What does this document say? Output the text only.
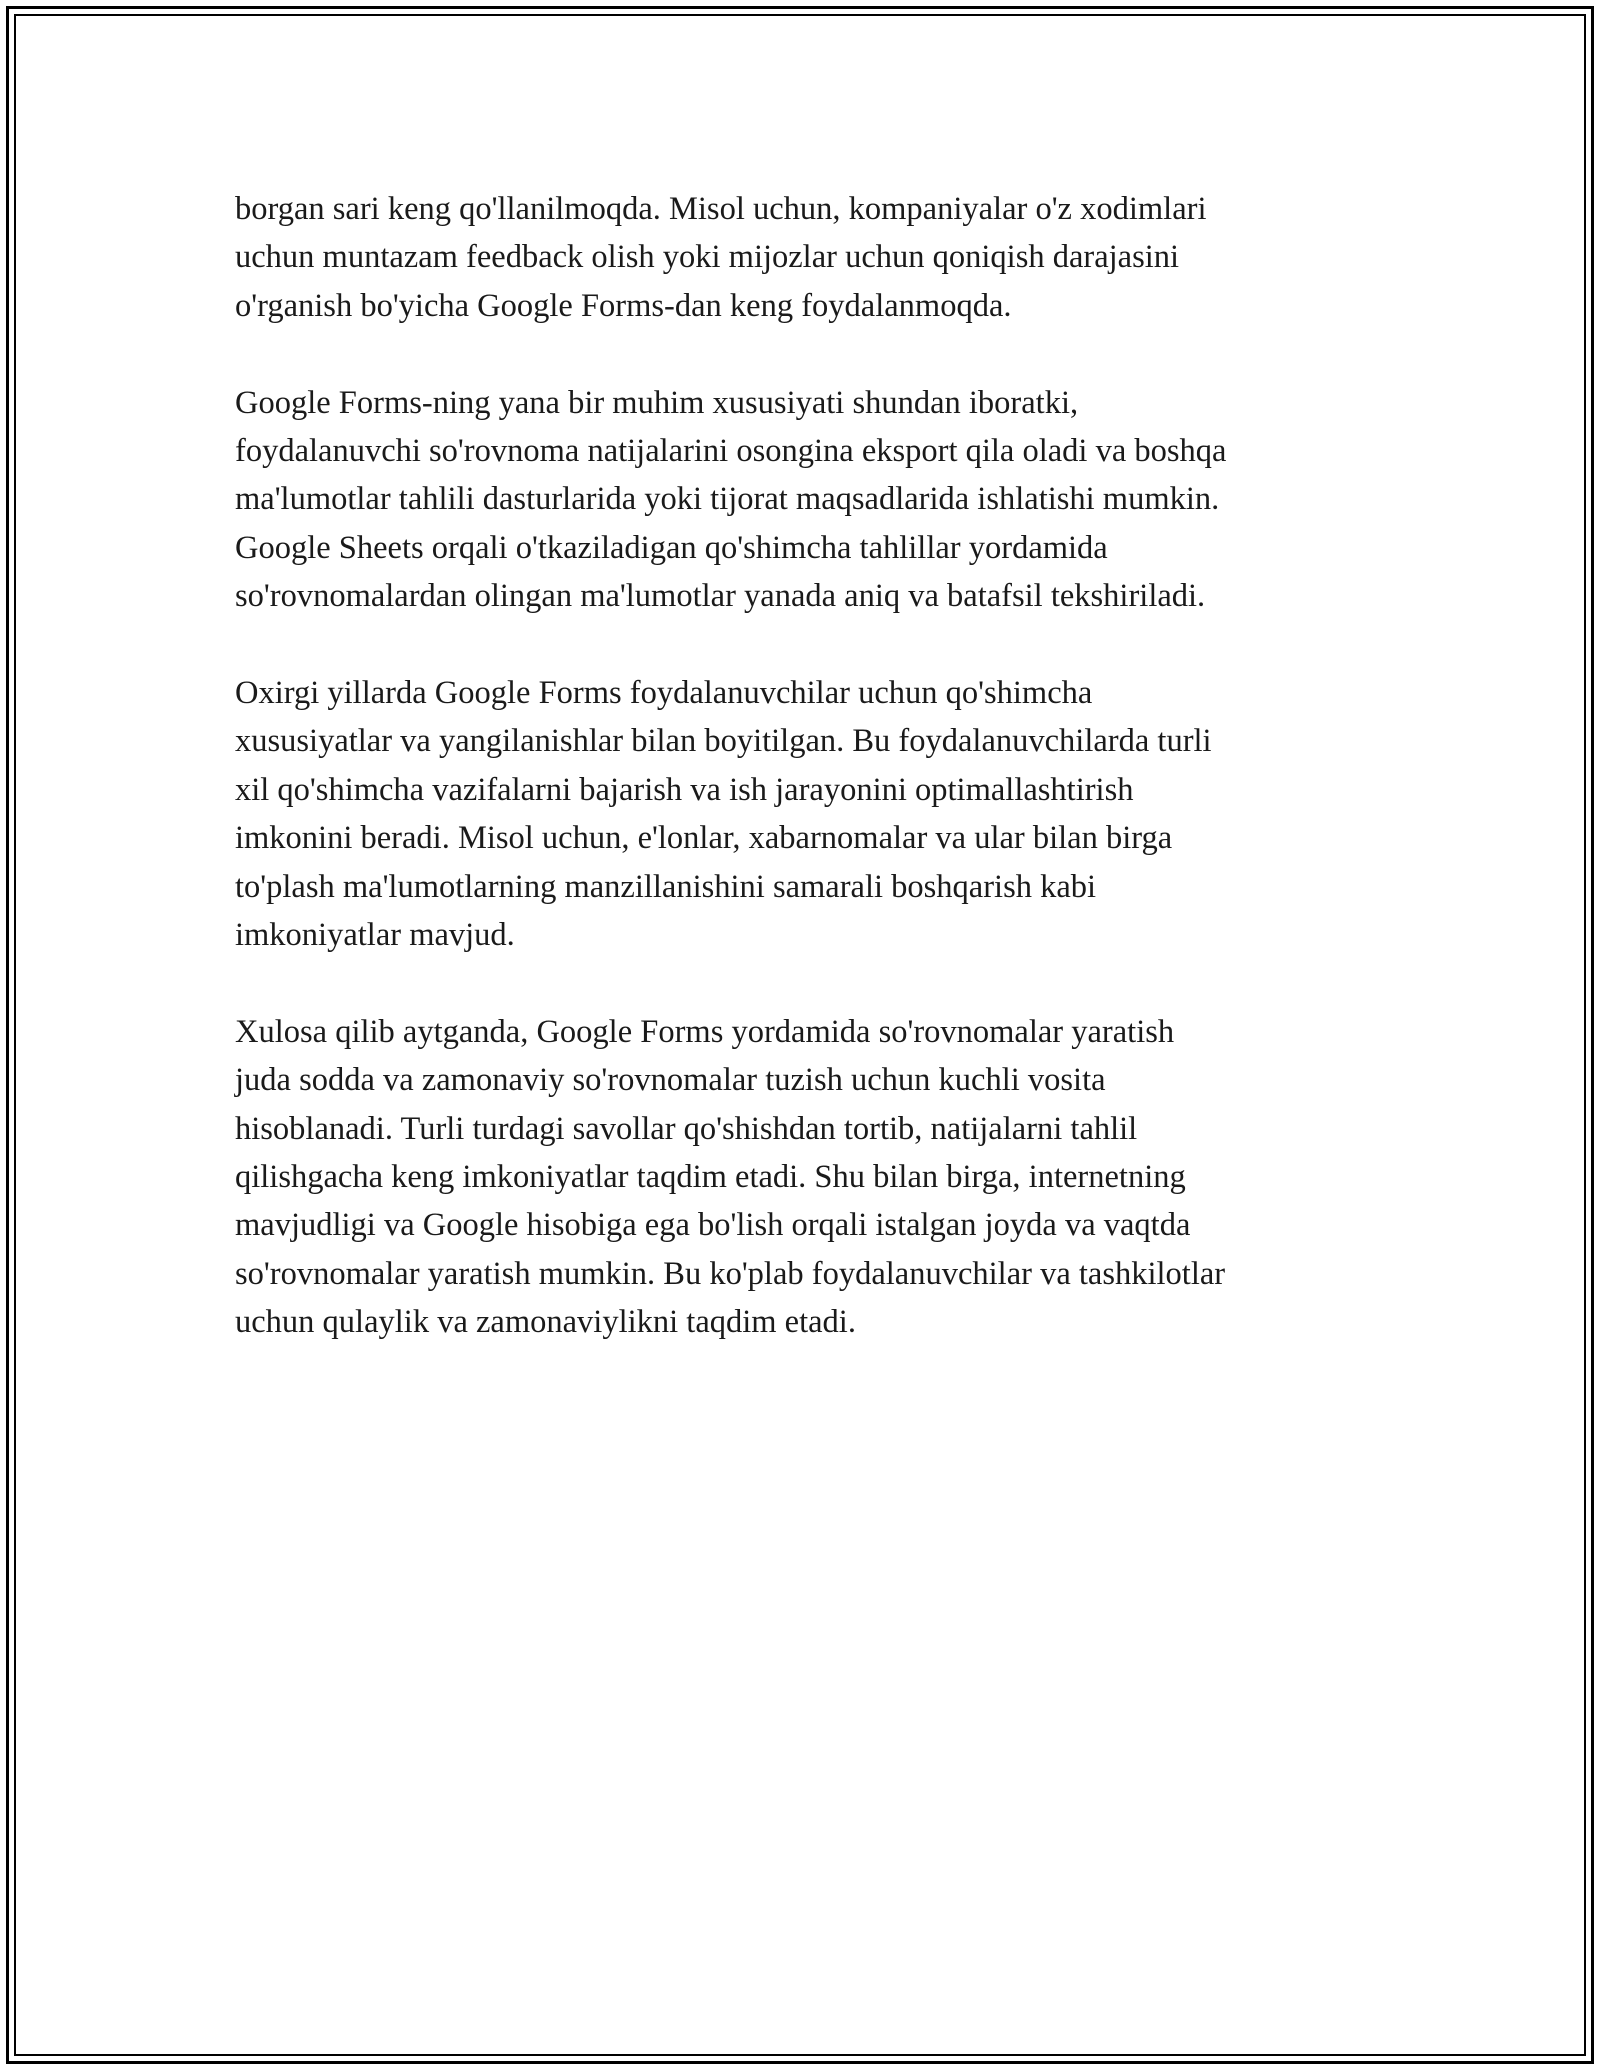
borgan sari keng qo'llanilmoqda. Misol uchun, kompaniyalar o'z xodimlari
uchun muntazam feedback olish yoki mijozlar uchun qoniqish darajasini
o'rganish bo'yicha Google Forms-dan keng foydalanmoqda.

Google Forms-ning yana bir muhim xususiyati shundan iboratki,
foydalanuvchi so'rovnoma natijalarini osongina eksport qila oladi va boshqa
ma'lumotlar tahlili dasturlarida yoki tijorat maqsadlarida ishlatishi mumkin.
Google Sheets orqali o'tkaziladigan qo'shimcha tahlillar yordamida
so'rovnomalardan olingan ma'lumotlar yanada aniq va batafsil tekshiriladi.

Oxirgi yillarda Google Forms foydalanuvchilar uchun qo'shimcha
xususiyatlar va yangilanishlar bilan boyitilgan. Bu foydalanuvchilarda turli
xil qo'shimcha vazifalarni bajarish va ish jarayonini optimallashtirish
imkonini beradi. Misol uchun, e'lonlar, xabarnomalar va ular bilan birga
to'plash ma'lumotlarning manzillanishini samarali boshqarish kabi
imkoniyatlar mavjud.

Xulosa qilib aytganda, Google Forms yordamida so'rovnomalar yaratish
juda sodda va zamonaviy so'rovnomalar tuzish uchun kuchli vosita
hisoblanadi. Turli turdagi savollar qo'shishdan tortib, natijalarni tahlil
qilishgacha keng imkoniyatlar taqdim etadi. Shu bilan birga, internetning
mavjudligi va Google hisobiga ega bo'lish orqali istalgan joyda va vaqtda
so'rovnomalar yaratish mumkin. Bu ko'plab foydalanuvchilar va tashkilotlar
uchun qulaylik va zamonaviylikni taqdim etadi.
